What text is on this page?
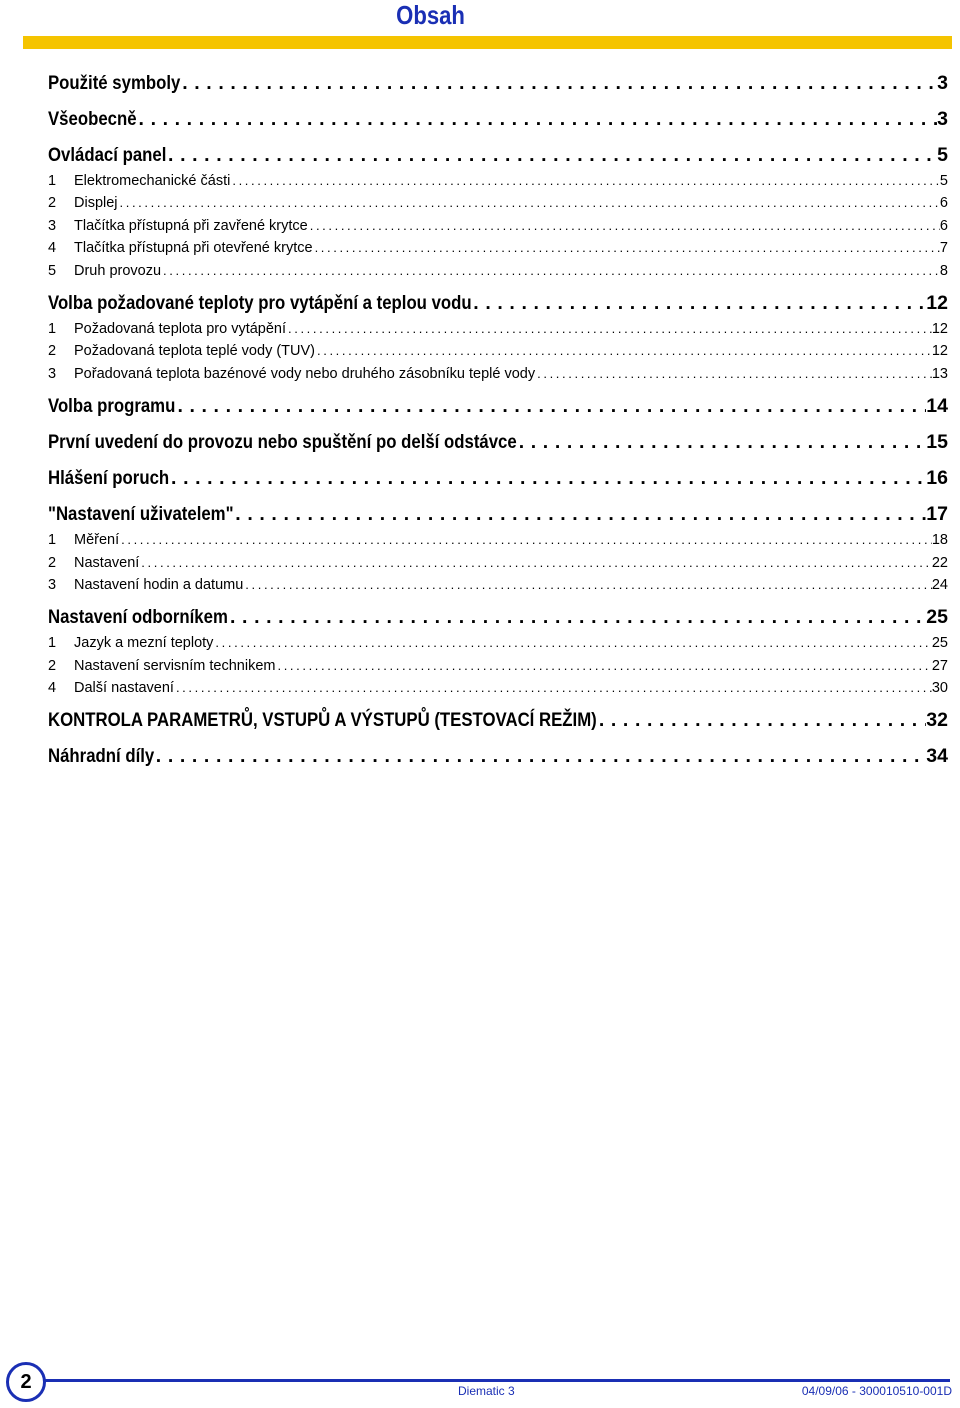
Obsah
Použité symboly . . .	3
Všeobecně . . .	3
Ovládací panel . . .	5
1	Elektromechanické části . . .	5
2	Displej . . .	6
3	Tlačítka přístupná při zavřené krytce . . .	6
4	Tlačítka přístupná při otevřené krytce . . .	7
5	Druh provozu . . .	8
Volba požadované teploty pro vytápění a teplou vodu . . .	12
1	Požadovaná teplota pro vytápění . . .	12
2	Požadovaná teplota teplé vody (TUV) . . .	12
3	Pořadovaná teplota bazénové vody nebo druhého zásobníku teplé vody . . .	13
Volba programu . . .	14
První uvedení do provozu nebo spuštění po delší odstávce . . .	15
Hlášení poruch . . .	16
"Nastavení uživatelem" . . .	17
1	Měření . . .	18
2	Nastavení . . .	22
3	Nastavení hodin a datumu . . .	24
Nastavení odborníkem . . .	25
1	Jazyk a mezní teploty . . .	25
2	Nastavení servisním technikem . . .	27
4	Další nastavení . . .	30
KONTROLA PARAMETRŮ, VSTUPŮ A VÝSTUPŮ (TESTOVACÍ REŽIM) . . .	32
Náhradní díly . . .	34
2	Diematic 3	04/09/06 - 300010510-001D
